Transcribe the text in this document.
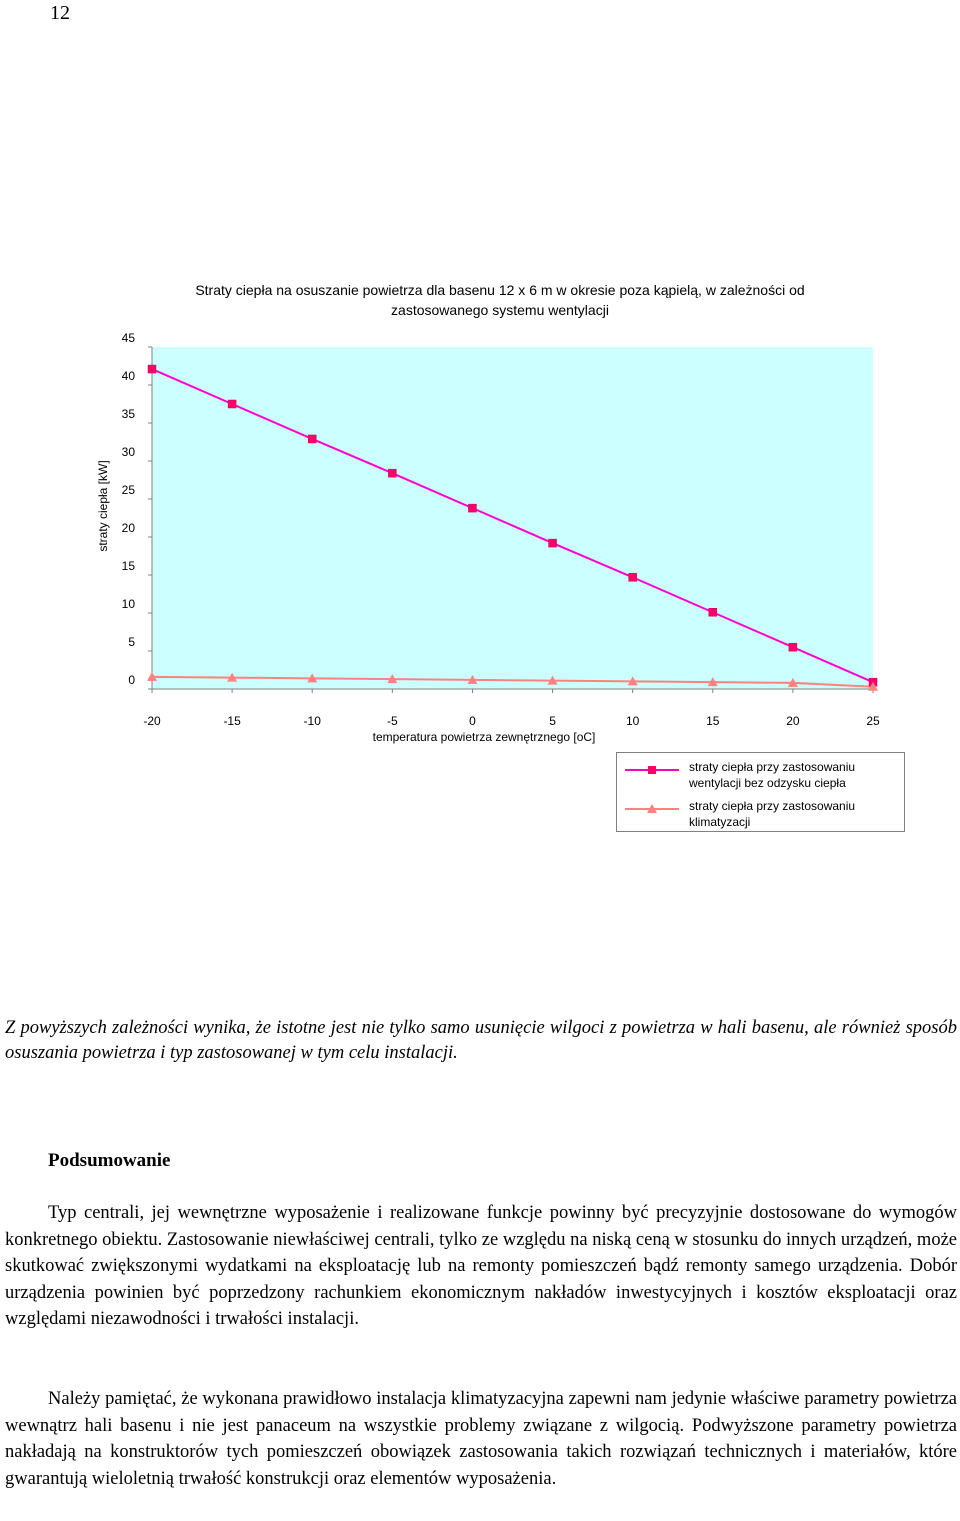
12
Straty ciepła na osuszanie powietrza dla basenu 12 x 6 m w okresie poza kąpielą, w zależności od zastosowanego systemu wentylacji
-20	-15	-10	-5	0	5	10	15	20	25
0
5
10
15
20
25
30
35
40
45
temperatura powietrza zewnętrznego [oC]
straty ciepła [kW]
straty ciepła przy zastosowaniu wentylacji bez odzysku ciepła
straty ciepła przy zastosowaniu klimatyzacji
Z powyższych zależności wynika, że istotne jest nie tylko samo usunięcie wilgoci z powietrza w hali basenu, ale również sposób osuszania powietrza i typ zastosowanej w tym celu instalacji.
Podsumowanie
Typ centrali, jej wewnętrzne wyposażenie i realizowane funkcje powinny być precyzyjnie dostosowane do wymogów konkretnego obiektu. Zastosowanie niewłaściwej centrali, tylko ze względu na niską ceną w stosunku do innych urządzeń, może skutkować zwiększonymi wydatkami na eksploatację lub na remonty pomieszczeń bądź remonty samego urządzenia. Dobór urządzenia powinien być poprzedzony rachunkiem ekonomicznym nakładów inwestycyjnych i kosztów eksploatacji oraz względami niezawodności i trwałości instalacji.
Należy pamiętać, że wykonana prawidłowo instalacja klimatyzacyjna zapewni nam jedynie właściwe parametry powietrza wewnątrz hali basenu i nie jest panaceum na wszystkie problemy związane z wilgocią. Podwyższone parametry powietrza nakładają na konstruktorów tych pomieszczeń obowiązek zastosowania takich rozwiązań technicznych i materiałów, które gwarantują wieloletnią trwałość konstrukcji oraz elementów wyposażenia.
